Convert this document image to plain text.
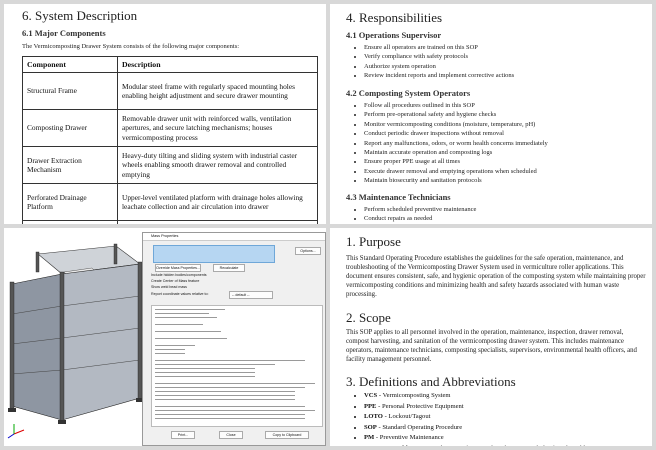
6. System Description
6.1 Major Components

The Vermicomposting Drawer System consists of the following major components:

Component	Description
Structural Frame	Modular steel frame with regularly spaced mounting holes enabling height adjustment and secure drawer mounting
Composting Drawer	Removable drawer unit with reinforced walls, ventilation apertures, and secure latching mechanisms; houses vermicomposting process
Drawer Extraction Mechanism	Heavy-duty tilting and sliding system with industrial caster wheels enabling smooth drawer removal and controlled emptying
Perforated Drainage Platform	Upper-level ventilated platform with drainage holes allowing leachate collection and air circulation into drawer

4. Responsibilities
4.1 Operations Supervisor
• Ensure all operators are trained on this SOP
• Verify compliance with safety protocols
• Authorize system operation
• Review incident reports and implement corrective actions
4.2 Composting System Operators
• Follow all procedures outlined in this SOP
• Perform pre-operational safety and hygiene checks
• Monitor vermicomposting conditions (moisture, temperature, pH)
• Conduct periodic drawer inspections without removal
• Report any malfunctions, odors, or worm health concerns immediately
• Maintain accurate operation and composting logs
• Ensure proper PPE usage at all times
• Execute drawer removal and emptying operations when scheduled
• Maintain biosecurity and sanitation protocols
4.3 Maintenance Technicians
• Perform scheduled preventive maintenance
• Conduct repairs as needed
Mass Properties
Options...
Override Mass Properties...	Recalculate
Include hidden bodies/components
Create Center of Mass feature
Show weld bead mass
Report coordinate values relative to:	-- default --
Print...	Close	Copy to Clipboard
1. Purpose

This Standard Operating Procedure establishes the guidelines for the safe operation, maintenance, and troubleshooting of the Vermicomposting Drawer System used in vermiculture roller applications. This document ensures consistent, safe, and hygienic operation of the composting system while maintaining proper vermicomposting conditions and minimizing health and safety hazards associated with human waste processing.

2. Scope

This SOP applies to all personnel involved in the operation, maintenance, inspection, drawer removal, compost harvesting, and sanitation of the vermicomposting drawer system. This includes maintenance operators, maintenance technicians, composting specialists, supervisors, environmental health officers, and facility management personnel.

3. Definitions and Abbreviations
• VCS - Vermicomposting System
• PPE - Personal Protective Equipment
• LOTO - Lockout/Tagout
• SOP - Standard Operating Procedure
• PM - Preventive Maintenance
•
